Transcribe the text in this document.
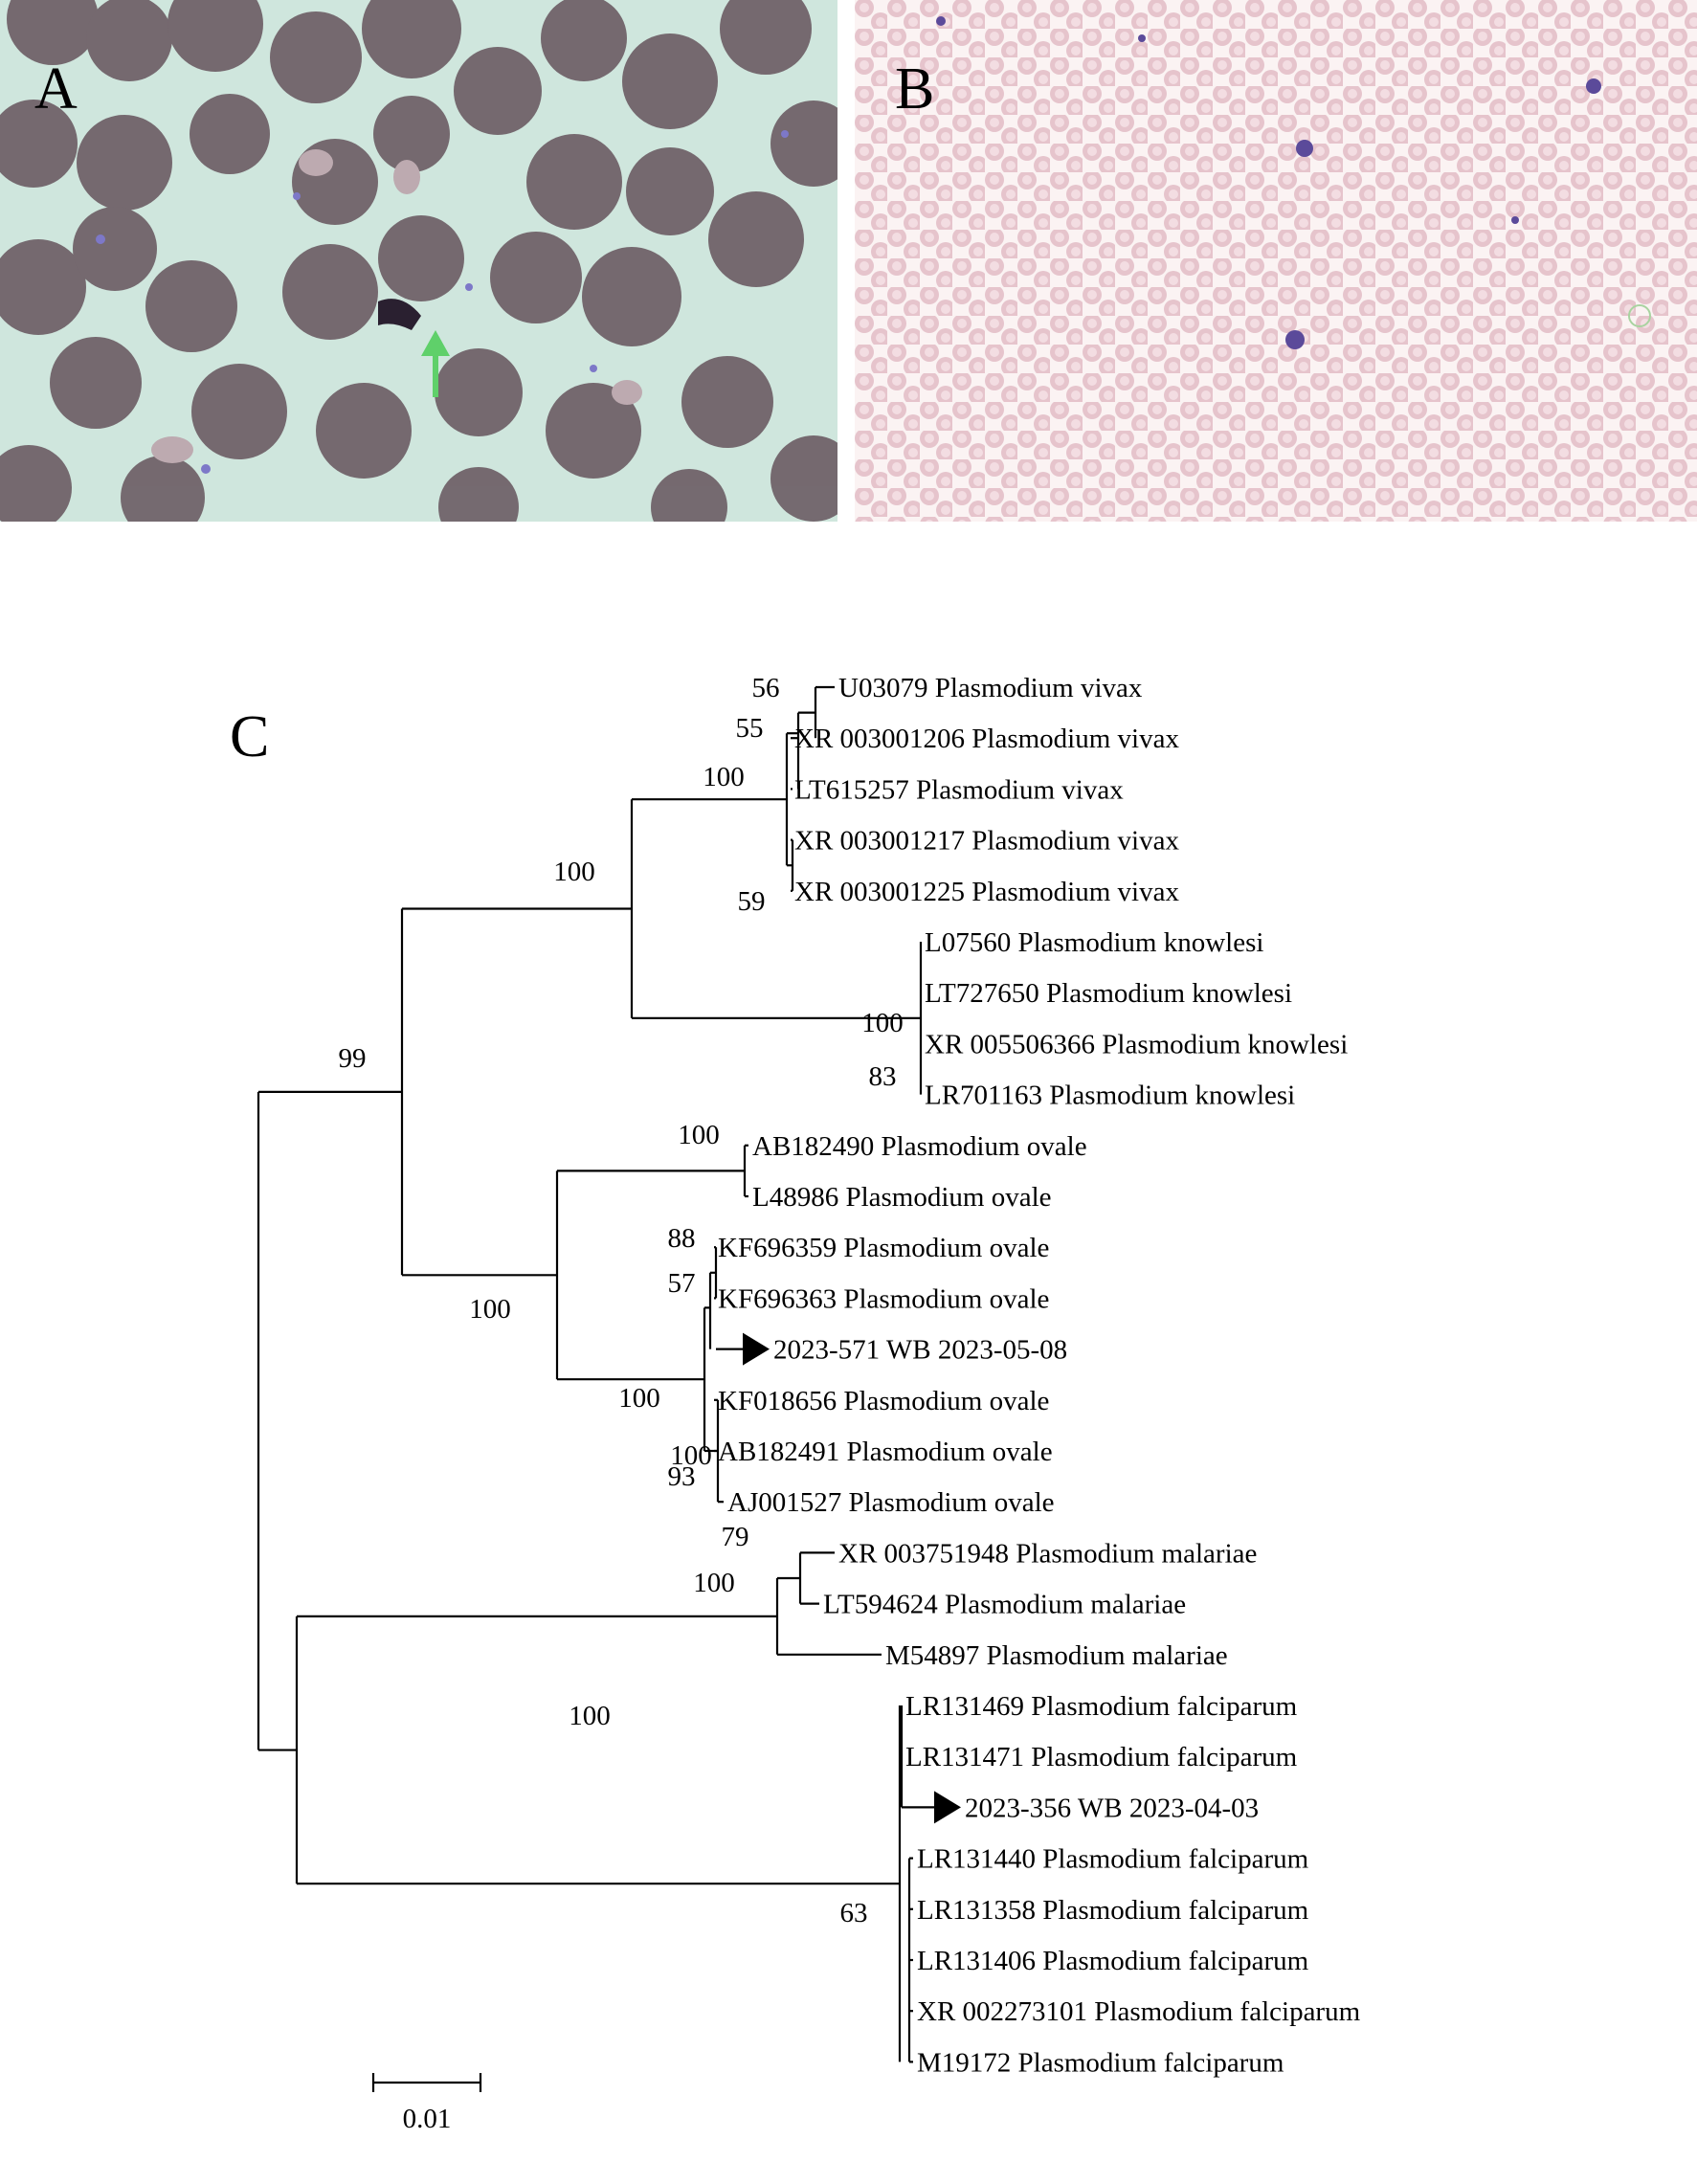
A	B
C
U03079 Plasmodium vivax
XR 003001206 Plasmodium vivax
LT615257 Plasmodium vivax
XR 003001217 Plasmodium vivax
XR 003001225 Plasmodium vivax
L07560 Plasmodium knowlesi
LT727650 Plasmodium knowlesi
XR 005506366 Plasmodium knowlesi
LR701163 Plasmodium knowlesi
AB182490 Plasmodium ovale
L48986 Plasmodium ovale
KF696359 Plasmodium ovale
KF696363 Plasmodium ovale
2023-571 WB 2023-05-08
KF018656 Plasmodium ovale
AB182491 Plasmodium ovale
AJ001527 Plasmodium ovale
XR 003751948 Plasmodium malariae
LT594624 Plasmodium malariae
M54897 Plasmodium malariae
LR131469 Plasmodium falciparum
LR131471 Plasmodium falciparum
2023-356 WB 2023-04-03
LR131440 Plasmodium falciparum
LR131358 Plasmodium falciparum
LR131406 Plasmodium falciparum
XR 002273101 Plasmodium falciparum
M19172 Plasmodium falciparum
56
55
100
59
100
100
83
99
100
100
88
57
100
100
93
79
100
100
63
0.01
